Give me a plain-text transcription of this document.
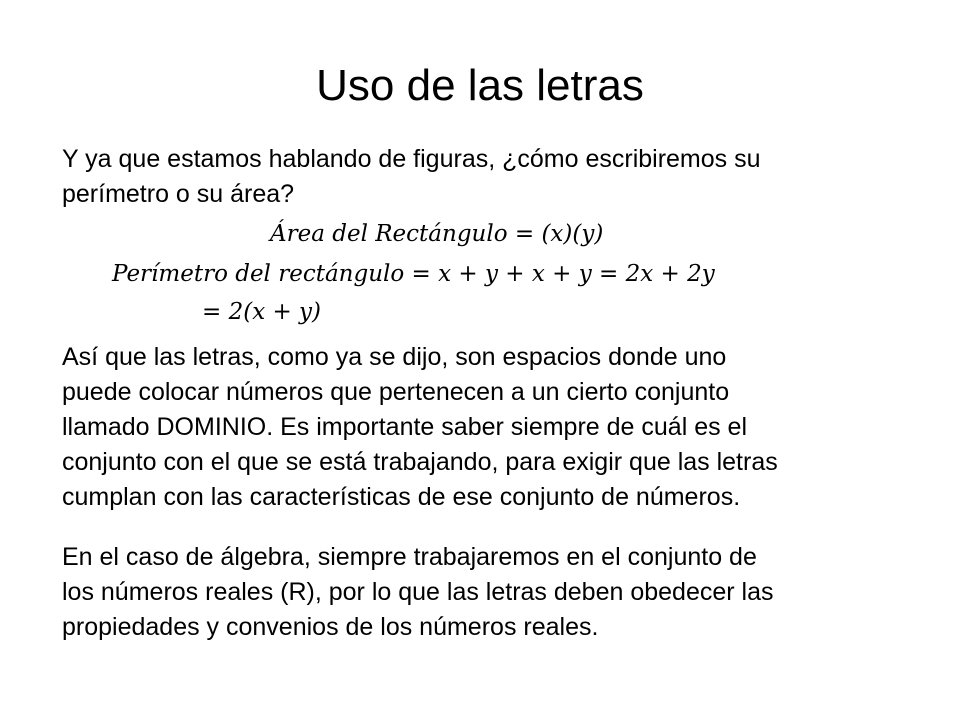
Uso de las letras
Y ya que estamos hablando de figuras, ¿cómo escribiremos su
perímetro o su área?
Área del Rectángulo = (x)(y)
Perímetro del rectángulo = x + y + x + y = 2x + 2y
= 2(x + y)
Así que las letras, como ya se dijo, son espacios donde uno
puede colocar números que pertenecen a un cierto conjunto
llamado DOMINIO. Es importante saber siempre de cuál es el
conjunto con el que se está trabajando, para exigir que las letras
cumplan con las características de ese conjunto de números.
En el caso de álgebra, siempre trabajaremos en el conjunto de
los números reales (R), por lo que las letras deben obedecer las
propiedades y convenios de los números reales.
